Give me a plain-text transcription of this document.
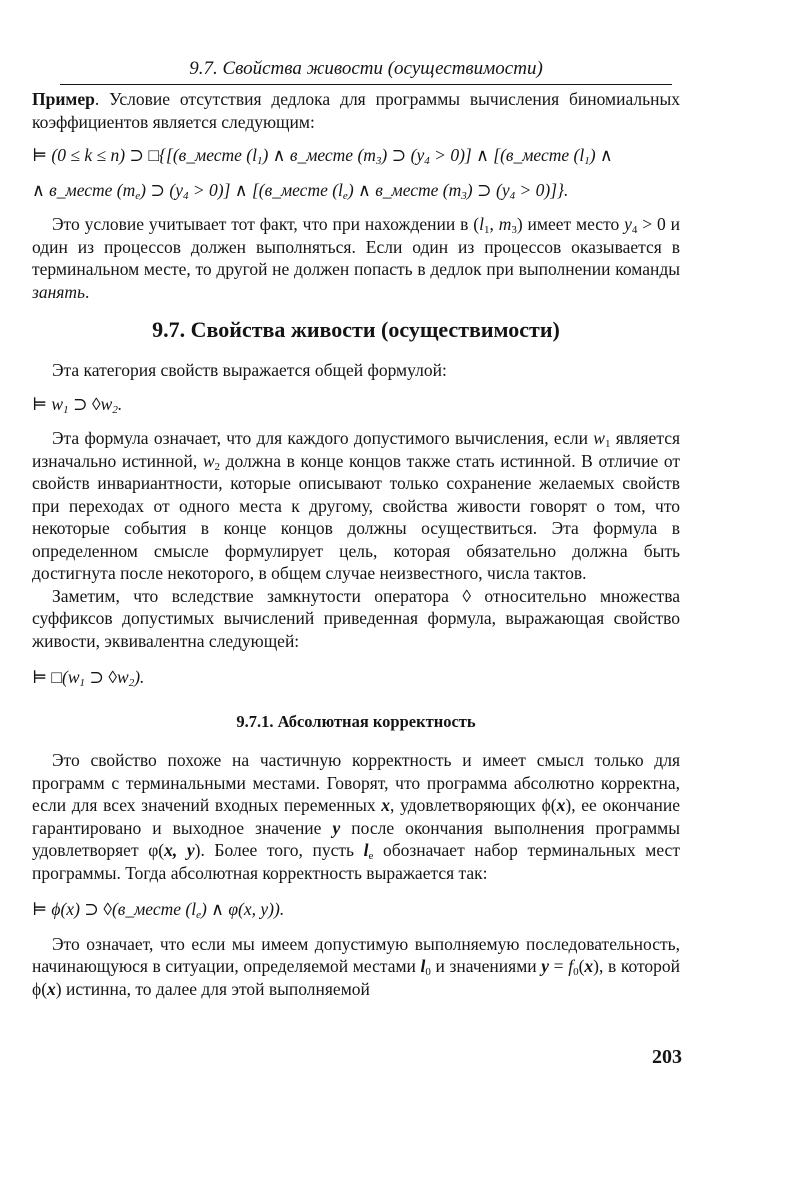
9.7. Свойства живости (осуществимости)

Пример. Условие отсутствия дедлока для программы вычисления биномиальных коэффициентов является следующим:

⊨ (0 ≤ k ≤ n) ⊃ □{[(в_месте $(l_1)$ ∧ в_месте $(m_3)$ ⊃ $(y_4 > 0)$] ∧ [(в_месте $(l_1)$ ∧

∧ в_месте $(m_e)$ ⊃ $(y_4 > 0)$] ∧ [(в_месте $(l_e)$ ∧ в_месте $(m_3)$ ⊃ $(y_4 > 0)$]}.

Это условие учитывает тот факт, что при нахождении в ($l_1$, $m_3$) имеет место $y_4 > 0$ и один из процессов должен выполняться. Если один из процессов оказывается в терминальном месте, то другой не должен попасть в дедлок при выполнении команды занять.

9.7. Свойства живости (осуществимости)

Эта категория свойств выражается общей формулой:

⊨ $w_1$ ⊃ $◊w_2$.

Эта формула означает, что для каждого допустимого вычисления, если $w_1$ является изначально истинной, $w_2$ должна в конце концов также стать истинной. В отличие от свойств инвариантности, которые описывают только сохранение желаемых свойств при переходах от одного места к другому, свойства живости говорят о том, что некоторые события в конце концов должны осуществиться. Эта формула в определенном смысле формулирует цель, которая обязательно должна быть достигнута после некоторого, в общем случае неизвестного, числа тактов.

Заметим, что вследствие замкнутости оператора ◊ относительно множества суффиксов допустимых вычислений приведенная формула, выражающая свойство живости, эквивалентна следующей:

⊨ $□(w_1$ ⊃ $◊w_2$).

9.7.1. Абсолютная корректность

Это свойство похоже на частичную корректность и имеет смысл только для программ с терминальными местами. Говорят, что программа абсолютно корректна, если для всех значений входных переменных x, удовлетворяющих ϕ(x), ее окончание гарантировано и выходное значение y после окончания выполнения программы удовлетворяет φ(x, y). Более того, пусть $l_e$ обозначает набор терминальных мест программы. Тогда абсолютная корректность выражается так:

⊨ ϕ(x) ⊃ ◊(в_месте $(l_e)$ ∧ φ(x, y)).

Это означает, что если мы имеем допустимую выполняемую последовательность, начинающуюся в ситуации, определяемой местами $l_0$ и значениями $y = f_0(x)$, в которой ϕ(x) истинна, то далее для этой выполняемой

203
